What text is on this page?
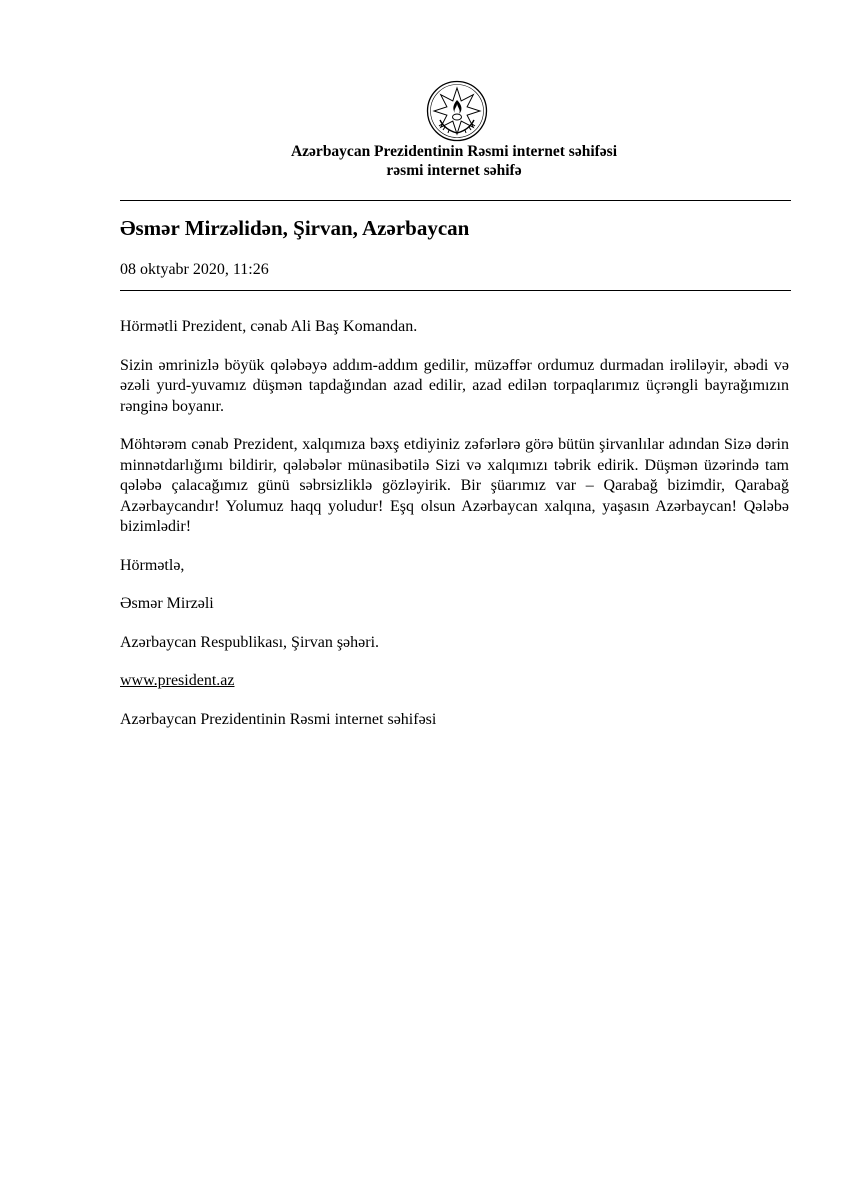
Azərbaycan Prezidentinin Rəsmi internet səhifəsi
rəsmi internet səhifə
Əsmər Mirzəlidən, Şirvan, Azərbaycan
08 oktyabr 2020, 11:26

Hörmətli Prezident, cənab Ali Baş Komandan.

Sizin əmrinizlə böyük qələbəyə addım-addım gedilir, müzəffər ordumuz durmadan irəliləyir, əbədi və əzəli yurd-yuvamız düşmən tapdağından azad edilir, azad edilən torpaqlarımız üçrəngli bayrağımızın rənginə boyanır.

Möhtərəm cənab Prezident, xalqımıza bəxş etdiyiniz zəfərlərə görə bütün şirvanlılar adından Sizə dərin minnətdarlığımı bildirir, qələbələr münasibətilə Sizi və xalqımızı təbrik edirik. Düşmən üzərində tam qələbə çalacağımız günü səbrsizliklə gözləyirik. Bir şüarımız var – Qarabağ bizimdir, Qarabağ Azərbaycandır! Yolumuz haqq yoludur! Eşq olsun Azərbaycan xalqına, yaşasın Azərbaycan! Qələbə bizimlədir!

Hörmətlə,

Əsmər Mirzəli

Azərbaycan Respublikası, Şirvan şəhəri.

www.president.az

Azərbaycan Prezidentinin Rəsmi internet səhifəsi
